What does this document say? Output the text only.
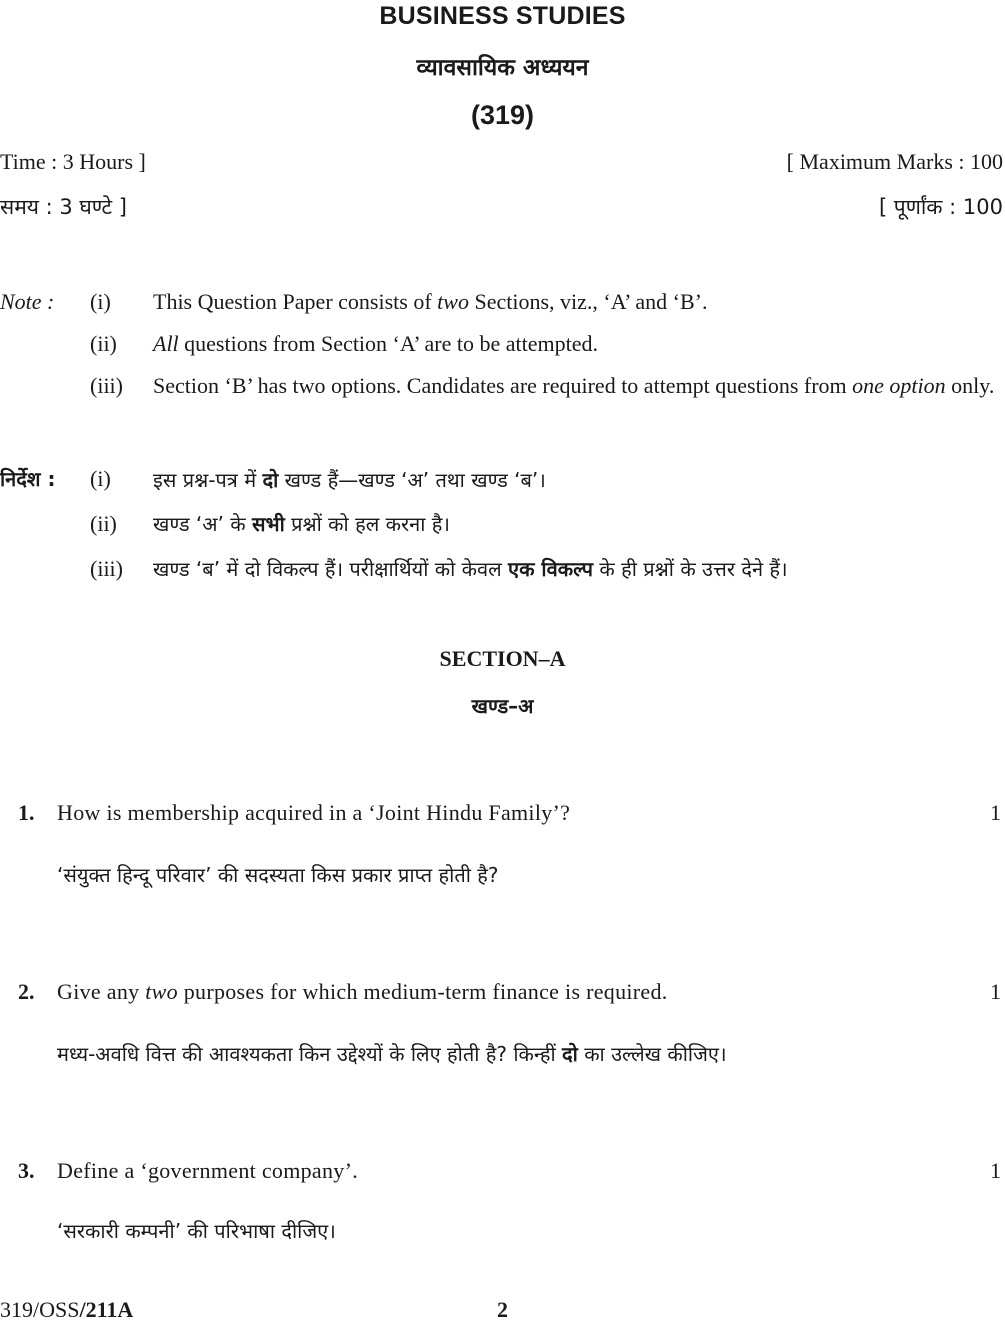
BUSINESS STUDIES
व्यावसायिक अध्ययन
(319)
Time : 3 Hours ]	[ Maximum Marks : 100
समय : 3 घण्टे ]	[ पूर्णांक : 100
Note : (i) This Question Paper consists of two Sections, viz., ‘A’ and ‘B’.
(ii) All questions from Section ‘A’ are to be attempted.
(iii) Section ‘B’ has two options. Candidates are required to attempt questions from one option only.
निर्देश : (i) इस प्रश्न-पत्र में दो खण्ड हैं—खण्ड ‘अ’ तथा खण्ड ‘ब’।
(ii) खण्ड ‘अ’ के सभी प्रश्नों को हल करना है।
(iii) खण्ड ‘ब’ में दो विकल्प हैं। परीक्षार्थियों को केवल एक विकल्प के ही प्रश्नों के उत्तर देने हैं।
SECTION–A
खण्ड–अ
1. How is membership acquired in a ‘Joint Hindu Family’?	1
‘संयुक्त हिन्दू परिवार’ की सदस्यता किस प्रकार प्राप्त होती है?
2. Give any two purposes for which medium-term finance is required.	1
मध्य-अवधि वित्त की आवश्यकता किन उद्देश्यों के लिए होती है? किन्हीं दो का उल्लेख कीजिए।
3. Define a ‘government company’.	1
‘सरकारी कम्पनी’ की परिभाषा दीजिए।
319/OSS/211A	2
